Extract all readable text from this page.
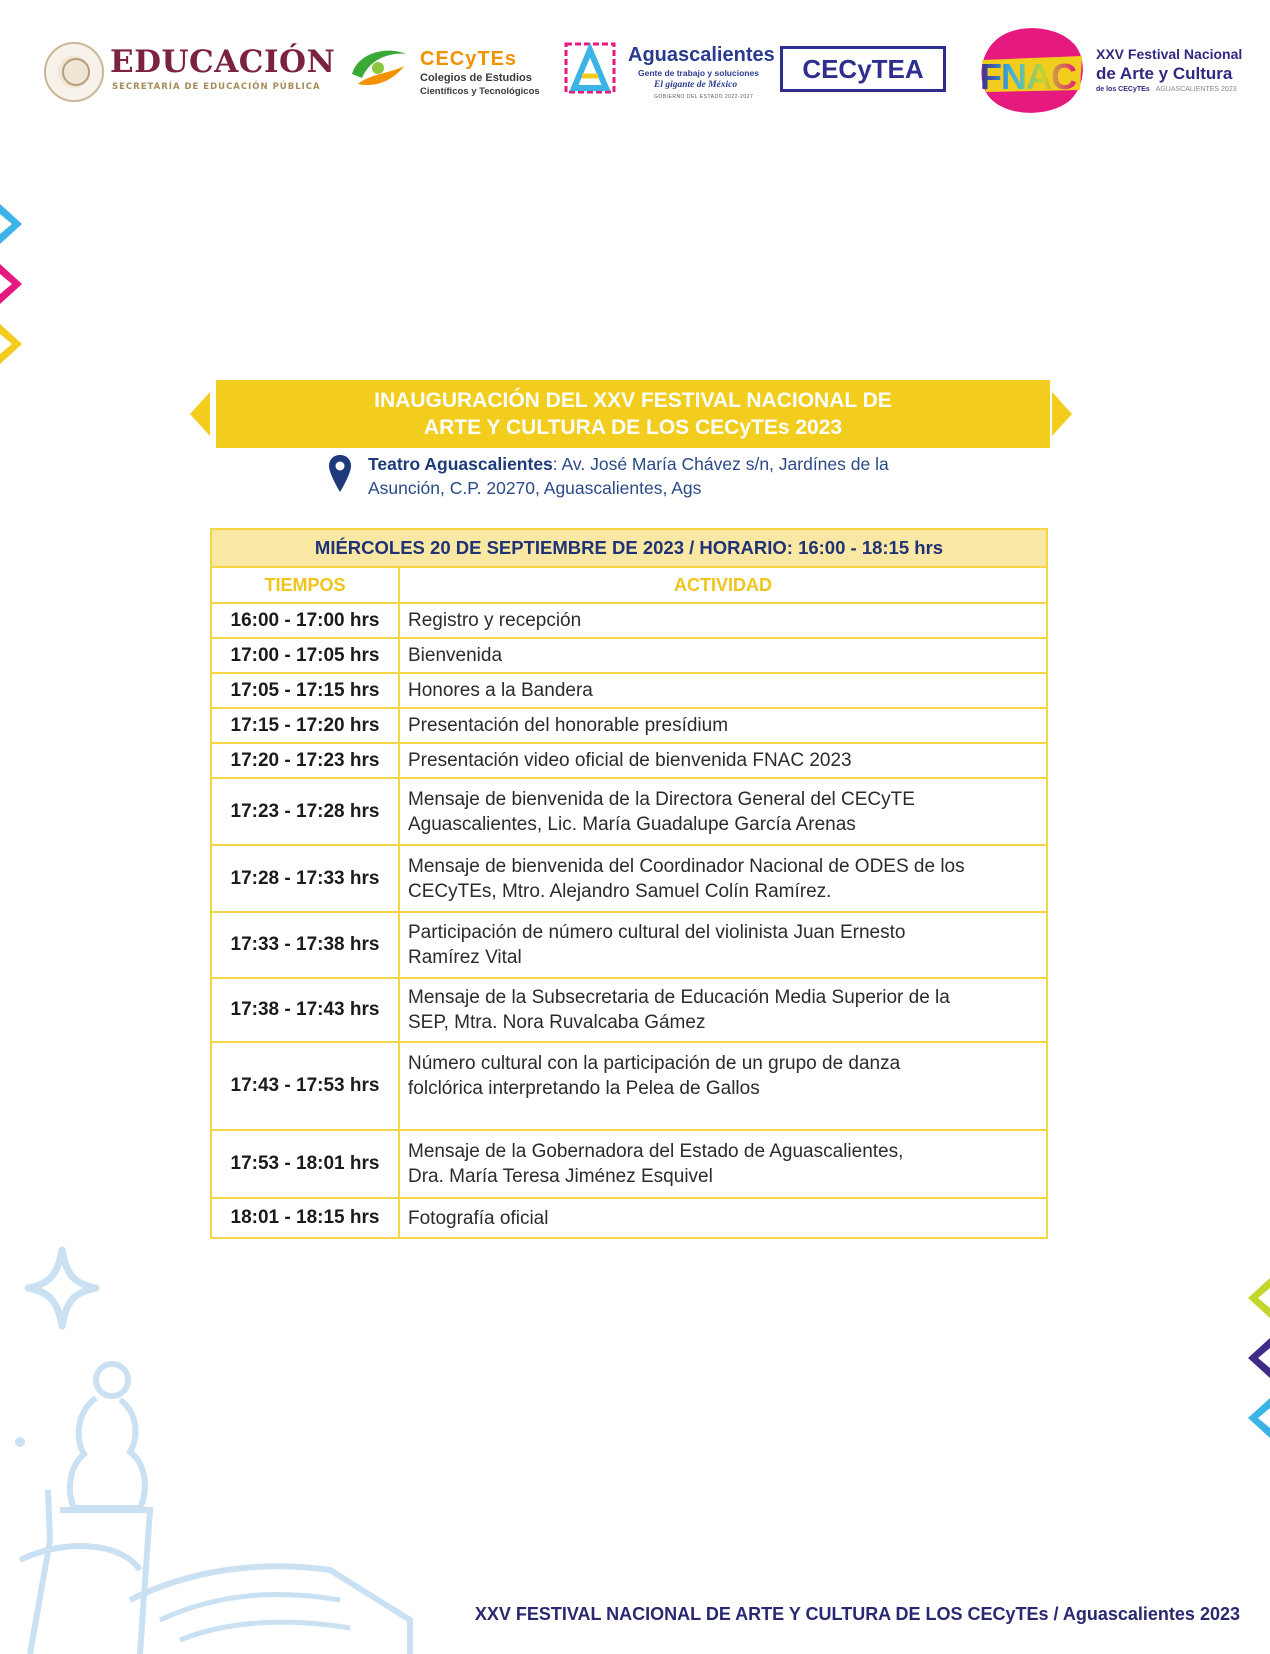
EDUCACIÓN
SECRETARÍA DE EDUCACIÓN PÚBLICA
CECyTEs
Colegios de Estudios
Científicos y Tecnológicos
Aguascalientes
Gente de trabajo y soluciones
El gigante de México
GOBIERNO DEL ESTADO 2022-2027
CECyTEA	FNAC
XXV Festival Nacional
de Arte y Cultura
de los CECyTEs AGUASCALIENTES 2023
INAUGURACIÓN DEL XXV FESTIVAL NACIONAL DE
ARTE Y CULTURA DE LOS CECyTEs 2023
Teatro Aguascalientes: Av. José María Chávez s/n, Jardínes de la
Asunción, C.P. 20270, Aguascalientes, Ags
MIÉRCOLES 20 DE SEPTIEMBRE DE 2023 / HORARIO: 16:00 - 18:15 hrs	
TIEMPOS	ACTIVIDAD
16:00 - 17:00 hrs	Registro y recepción
17:00 - 17:05 hrs	Bienvenida
17:05 - 17:15 hrs	Honores a la Bandera
17:15 - 17:20 hrs	Presentación del honorable presídium
17:20 - 17:23 hrs	Presentación video oficial de bienvenida FNAC 2023
17:23 - 17:28 hrs	Mensaje de bienvenida de la Directora General del CECyTE
Aguascalientes, Lic. María Guadalupe García Arenas
17:28 - 17:33 hrs	Mensaje de bienvenida del Coordinador Nacional de ODES de los
CECyTEs, Mtro. Alejandro Samuel Colín Ramírez.
17:33 - 17:38 hrs	Participación de número cultural del violinista Juan Ernesto
Ramírez Vital
17:38 - 17:43 hrs	Mensaje de la Subsecretaria de Educación Media Superior de la
SEP, Mtra. Nora Ruvalcaba Gámez
17:43 - 17:53 hrs	Número cultural con la participación de un grupo de danza
folclórica interpretando la Pelea de Gallos
17:53 - 18:01 hrs	Mensaje de la Gobernadora del Estado de Aguascalientes,
Dra. María Teresa Jiménez Esquivel
18:01 - 18:15 hrs	Fotografía oficial
XXV FESTIVAL NACIONAL DE ARTE Y CULTURA DE LOS CECyTEs / Aguascalientes 2023
